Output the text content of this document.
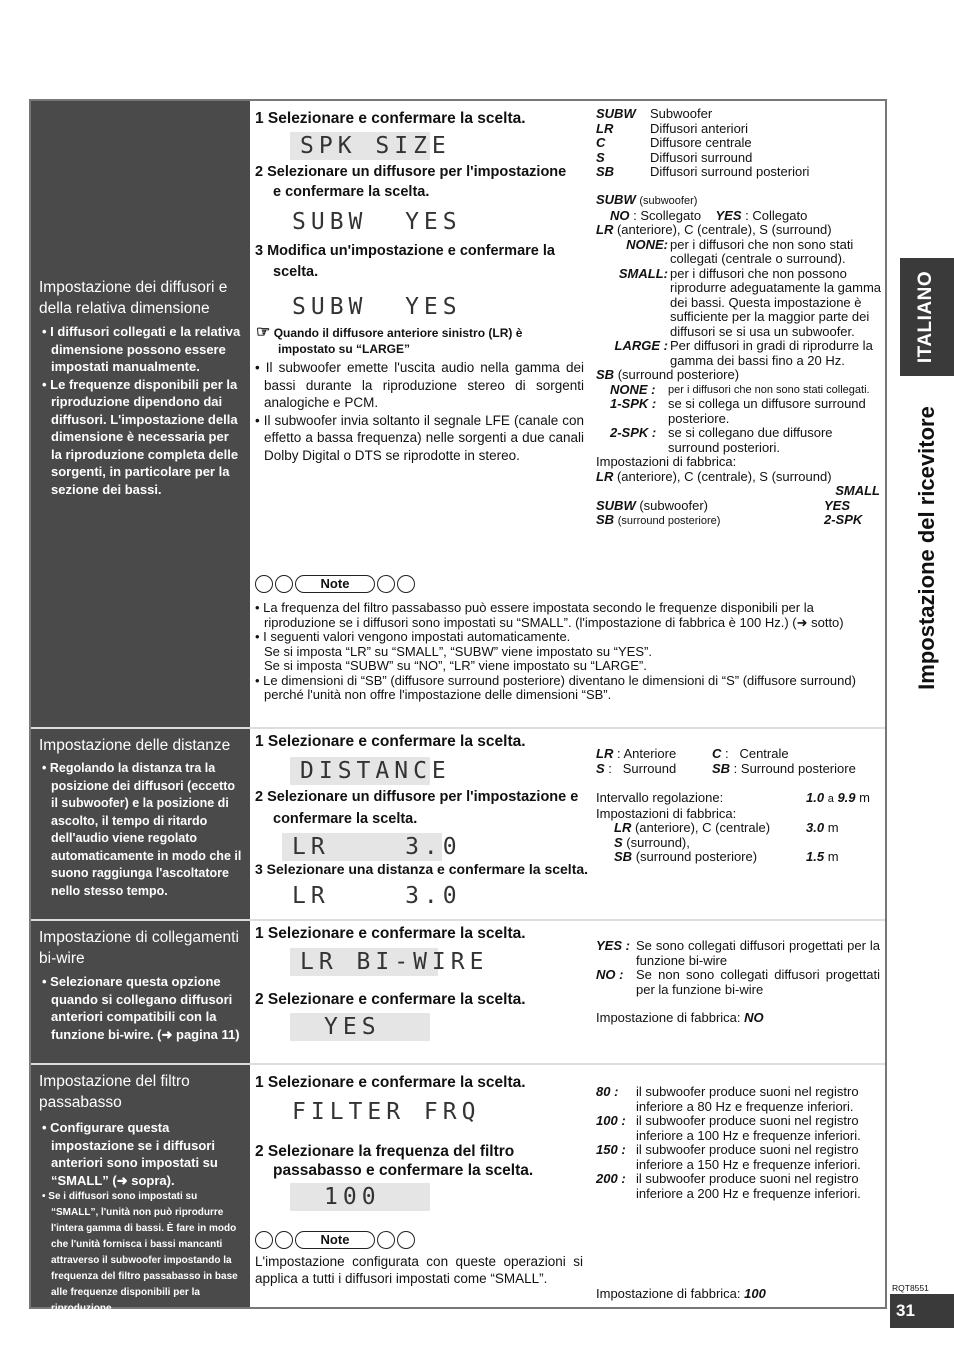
Impostazione dei diffusori e della relativa dimensione

• I diffusori collegati e la relativa dimensione possono essere impostati manualmente.

• Le frequenze disponibili per la riproduzione dipendono dai diffusori. L'impostazione della dimensione è necessaria per la riproduzione completa delle sorgenti, in particolare per la sezione dei bassi.

1 Selezionare e confermare la scelta.
SPK SIZE
2 Selezionare un diffusore per l'impostazione
e confermare la scelta.
SUBW  YES
3 Modifica un'impostazione e confermare la
scelta.
SUBW  YES

☞ Quando il diffusore anteriore sinistro (LR) è

impostato su “LARGE”

• Il subwoofer emette l'uscita audio nella gamma dei bassi durante la riproduzione stereo di sorgenti analogiche e PCM.

• Il subwoofer invia soltanto il segnale LFE (canale con effetto a bassa frequenza) nelle sorgenti a due canali Dolby Digital o DTS se riprodotte in stereo.

SUBW	Subwoofer
LR	Diffusori anteriori
C	Diffusore centrale
S	Diffusori surround
SB	Diffusori surround posteriori
SUBW (subwoofer)
NO : Scollegato YES : Collegato
LR (anteriore), C (centrale), S (surround)
NONE: per i diffusori che non sono stati collegati (centrale o surround).
SMALL: per i diffusori che non possono riprodurre adeguatamente la gamma dei bassi. Questa impostazione è sufficiente per la maggior parte dei diffusori se si usa un subwoofer.
LARGE : Per diffusori in gradi di riprodurre la gamma dei bassi fino a 20 Hz.
SB (surround posteriore)
NONE :	per i diffusori che non sono stati collegati.
1-SPK : se si collega un diffusore surround posteriore.
2-SPK : se si collegano due diffusore surround posteriori.
Impostazioni di fabbrica:
LR (anteriore), C (centrale), S (surround)
SMALL
SUBW (subwoofer)	YES
SB (surround posteriore)	2-SPK
Note

• La frequenza del filtro passabasso può essere impostata secondo le frequenze disponibili per la riproduzione se i diffusori sono impostati su “SMALL”. (l'impostazione di fabbrica è 100 Hz.) (➜ sotto)

• I seguenti valori vengono impostati automaticamente.

Se si imposta “LR” su “SMALL”, “SUBW” viene impostato su “YES”.

Se si imposta “SUBW” su “NO”, “LR” viene impostato su “LARGE”.

• Le dimensioni di “SB” (diffusore surround posteriore) diventano le dimensioni di “S” (diffusore surround) perché l'unità non offre l'impostazione delle dimensioni “SB”.

Impostazione delle distanze

• Regolando la distanza tra la posizione dei diffusori (eccetto il subwoofer) e la posizione di ascolto, il tempo di ritardo dell'audio viene regolato automaticamente in modo che il suono raggiunga l'ascoltatore nello stesso tempo.

1 Selezionare e confermare la scelta.
DISTANCE
2 Selezionare un diffusore per l'impostazione e
confermare la scelta.
LR    3.0
3 Selezionare una distanza e confermare la scelta.
LR    3.0
LR : Anteriore	C :   Centrale
S :   Surround	SB : Surround posteriore
Intervallo regolazione:	1.0 a 9.9 m
Impostazioni di fabbrica:
LR (anteriore), C (centrale)	3.0 m
S (surround),
SB (surround posteriore)	1.5 m
Impostazione di collegamenti bi-wire

• Selezionare questa opzione quando si collegano diffusori anteriori compatibili con la funzione bi-wire. (➜ pagina 11)

1 Selezionare e confermare la scelta.
LR BI-WIRE
2 Selezionare e confermare la scelta.
YES
YES : Se sono collegati diffusori progettati per la funzione bi-wire
NO : Se non sono collegati diffusori progettati per la funzione bi-wire
Impostazione di fabbrica: NO
Impostazione del filtro passabasso

• Configurare questa impostazione se i diffusori anteriori sono impostati su “SMALL” (➜ sopra).

• Se i diffusori sono impostati su “SMALL”, l'unità non può riprodurre l'intera gamma di bassi. È fare in modo che l'unità fornisca i bassi mancanti attraverso il subwoofer impostando la frequenza del filtro passabasso in base alle frequenze disponibili per la riproduzione.

1 Selezionare e confermare la scelta.
FILTER FRQ
2 Selezionare la frequenza del filtro
passabasso e confermare la scelta.
100
Note
L'impostazione configurata con queste operazioni si applica a tutti i diffusori impostati come “SMALL”.
80 :	il subwoofer produce suoni nel registro inferiore a 80 Hz e frequenze inferiori.
100 : il subwoofer produce suoni nel registro inferiore a 100 Hz e frequenze inferiori.
150 : il subwoofer produce suoni nel registro inferiore a 150 Hz e frequenze inferiori.
200 : il subwoofer produce suoni nel registro inferiore a 200 Hz e frequenze inferiori.
Impostazione di fabbrica: 100
ITALIANO
Impostazione del ricevitore
RQT8551
31
